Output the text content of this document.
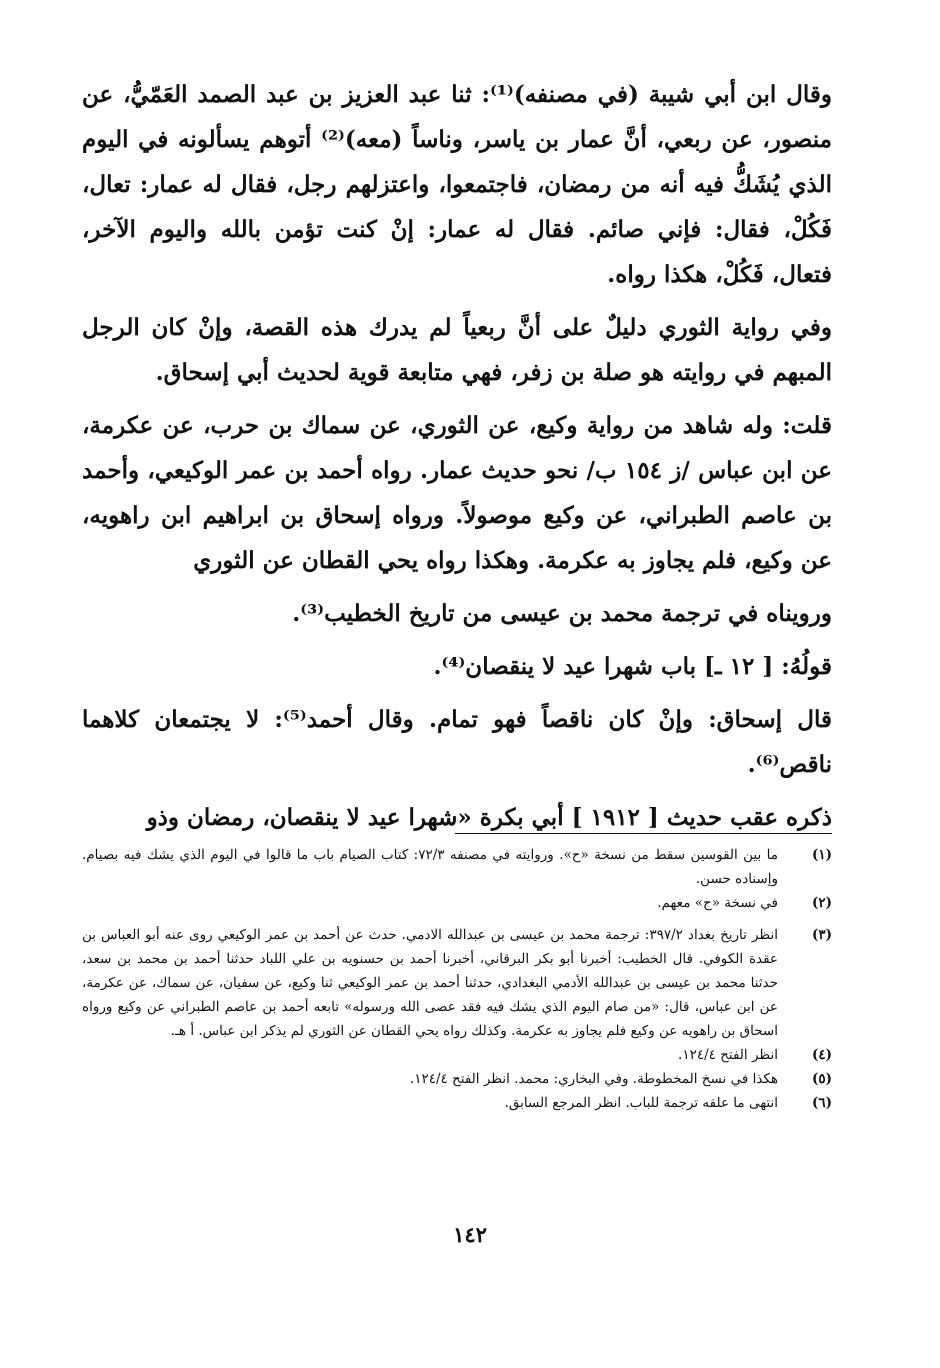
وقال ابن أبي شيبة (في مصنفه)⁽¹⁾: ثنا عبد العزيز بن عبد الصمد العَمّيُّ، عن منصور، عن ربعي، أنَّ عمار بن ياسر، وناساً (معه)⁽²⁾ أتوهم يسألونه في اليوم الذي يُشَكُّ فيه أنه من رمضان، فاجتمعوا، واعتزلهم رجل، فقال له عمار: تعال، فَكُلْ، فقال: فإني صائم. فقال له عمار: إنْ كنت تؤمن بالله واليوم الآخر، فتعال، فَكُلْ، هكذا رواه.

وفي رواية الثوري دليلٌ على أنَّ ربعياً لم يدرك هذه القصة، وإنْ كان الرجل المبهم في روايته هو صلة بن زفر، فهي متابعة قوية لحديث أبي إسحاق.

قلت: وله شاهد من رواية وكيع، عن الثوري، عن سماك بن حرب، عن عكرمة، عن ابن عباس /ز ١٥٤ ب/ نحو حديث عمار. رواه أحمد بن عمر الوكيعي، وأحمد بن عاصم الطبراني، عن وكيع موصولاً. ورواه إسحاق بن ابراهيم ابن راهويه، عن وكيع، فلم يجاوز به عكرمة. وهكذا رواه يحي القطان عن الثوري

ورويناه في ترجمة محمد بن عيسى من تاريخ الخطيب⁽³⁾.

قولُهُ: [ ١٢ ـ] باب شهرا عيد لا ينقصان⁽⁴⁾.

قال إسحاق: وإنْ كان ناقصاً فهو تمام. وقال أحمد⁽⁵⁾: لا يجتمعان كلاهما ناقص⁽⁶⁾.

ذكره عقب حديث [ ١٩١٢ ] أبي بكرة «شهرا عيد لا ينقصان، رمضان وذو

(١)
ما بين القوسين سقط من نسخة «ح». وروايته في مصنفه ٧٢/٣: كتاب الصيام باب ما قالوا في اليوم الذي يشك فيه بصيام. وإسناده حسن.
(٢)
في نسخة «ح» معهم.
(٣)
انظر تاريخ بغداد ٣٩٧/٢: ترجمة محمد بن عيسى بن عبدالله الادمي. حدث عن أحمد بن عمر الوكيعي روى عنه أبو العباس بن عقدة الكوفي. قال الخطيب: أخبرنا أبو بكر البرقاني، أخبرنا أحمد بن حسنويه بن علي اللباد حدثنا أحمد بن محمد بن سعد، حدثنا محمد بن عيسى بن عبدالله الأدمي البغدادي، حدثنا أحمد بن عمر الوكيعي ثنا وكيع، عن سفيان، عن سماك، عن عكرمة، عن ابن عباس، قال: «من صام اليوم الذي يشك فيه فقد عصى الله ورسوله» تابعه أحمد بن عاصم الطبراني عن وكيع ورواه اسحاق بن راهويه عن وكيع فلم يجاوز به عكرمة. وكذلك رواه يحي القطان عن الثوري لم يذكر ابن عباس. أ هـ.
(٤)
انظر الفتح ١٢٤/٤.
(٥)
هكذا في نسخ المخطوطة. وفي البخاري: محمد. انظر الفتح ١٢٤/٤.
(٦)
انتهى ما علقه ترجمة للباب. انظر المرجع السابق.
١٤٢
